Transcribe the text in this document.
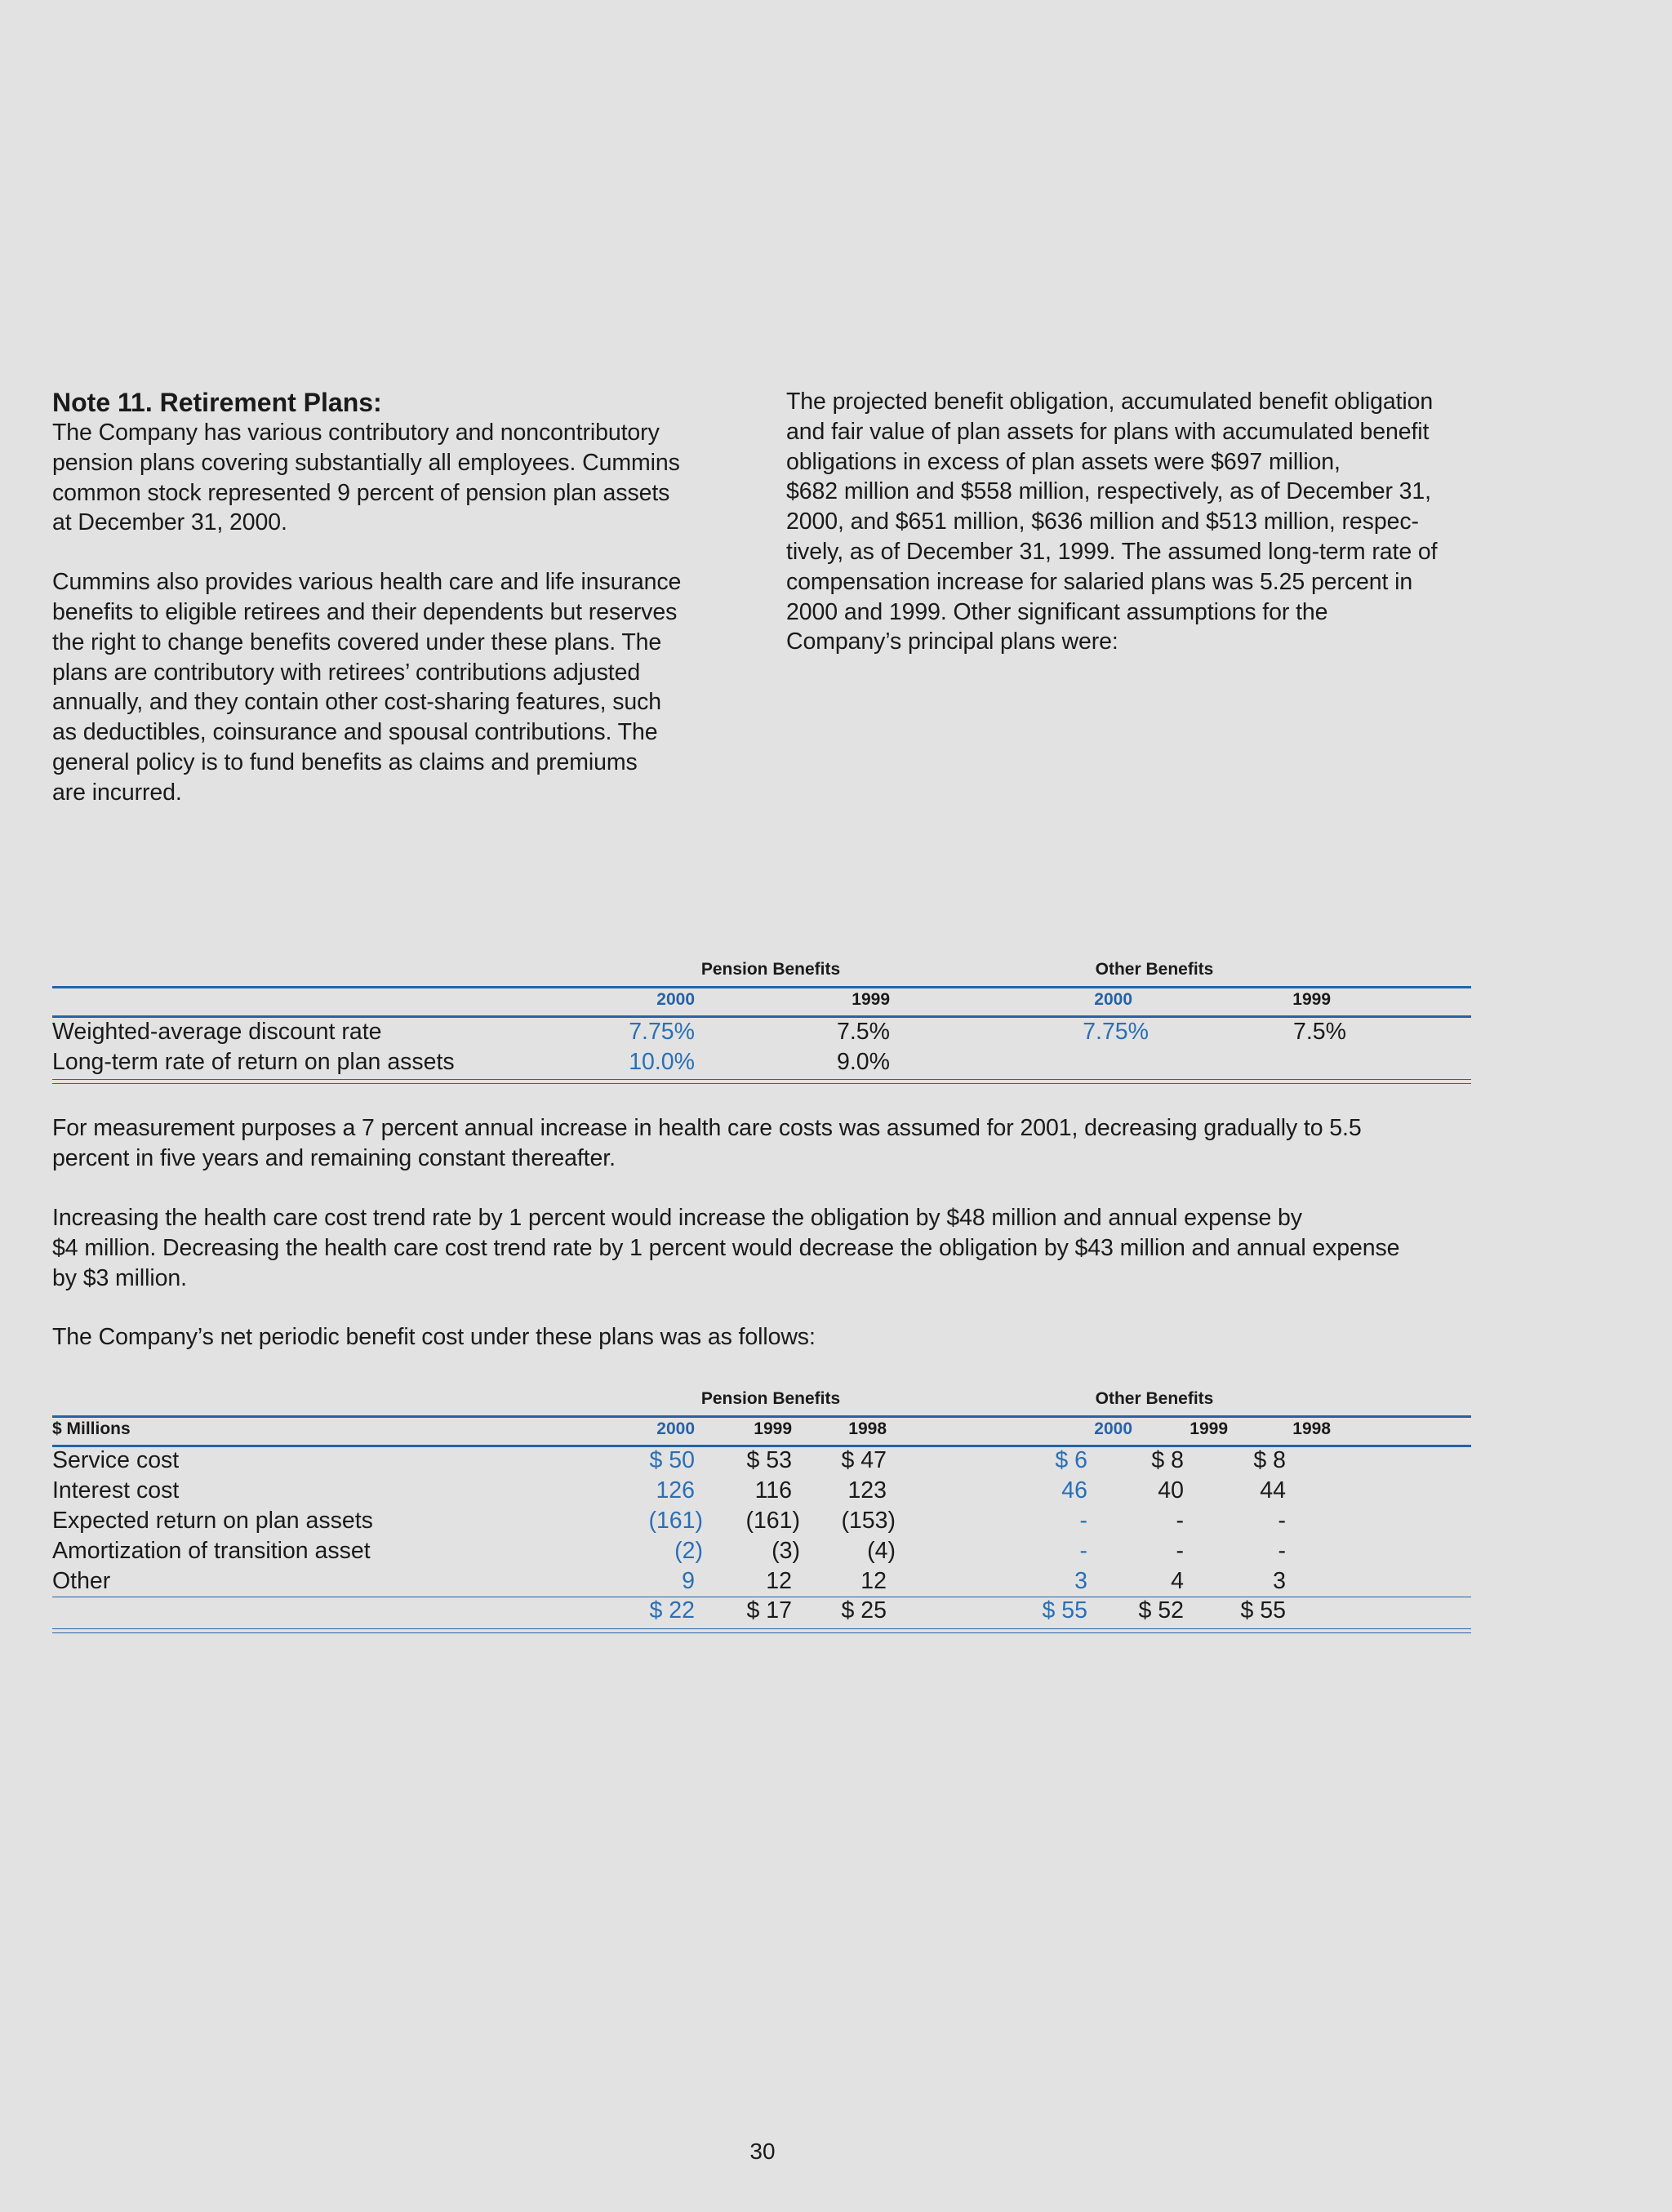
Note 11. Retirement Plans:

The Company has various contributory and noncontributory
pension plans covering substantially all employees. Cummins
common stock represented 9 percent of pension plan assets
at December 31, 2000.

Cummins also provides various health care and life insurance
benefits to eligible retirees and their dependents but reserves
the right to change benefits covered under these plans. The
plans are contributory with retirees’ contributions adjusted
annually, and they contain other cost-sharing features, such
as deductibles, coinsurance and spousal contributions. The
general policy is to fund benefits as claims and premiums
are incurred.

The projected benefit obligation, accumulated benefit obligation
and fair value of plan assets for plans with accumulated benefit
obligations in excess of plan assets were $697 million,
$682 million and $558 million, respectively, as of December 31,
2000, and $651 million, $636 million and $513 million, respec-
tively, as of December 31, 1999. The assumed long-term rate of
compensation increase for salaried plans was 5.25 percent in
2000 and 1999. Other significant assumptions for the
Company’s principal plans were:

Pension Benefits	Other Benefits
2000	1999	2000	1999
Weighted-average discount rate	7.75%	7.5%	7.75%	7.5%
Long-term rate of return on plan assets	10.0%	9.0%

For measurement purposes a 7 percent annual increase in health care costs was assumed for 2001, decreasing gradually to 5.5
percent in five years and remaining constant thereafter.

Increasing the health care cost trend rate by 1 percent would increase the obligation by $48 million and annual expense by
$4 million. Decreasing the health care cost trend rate by 1 percent would decrease the obligation by $43 million and annual expense
by $3 million.

The Company’s net periodic benefit cost under these plans was as follows:

Pension Benefits	Other Benefits
$ Millions	2000	1999	1998	2000	1999	1998
Service cost	$ 50	$ 53	$ 47	$ 6	$ 8	$ 8
Interest cost	126	116	123	46	40	44
Expected return on plan assets	(161)	(161)	(153)	-	-	-
Amortization of transition asset	(2)	(3)	(4)	-	-	-
Other	9	12	12	3	4	3
$ 22	$ 17	$ 25	$ 55	$ 52	$ 55
30
